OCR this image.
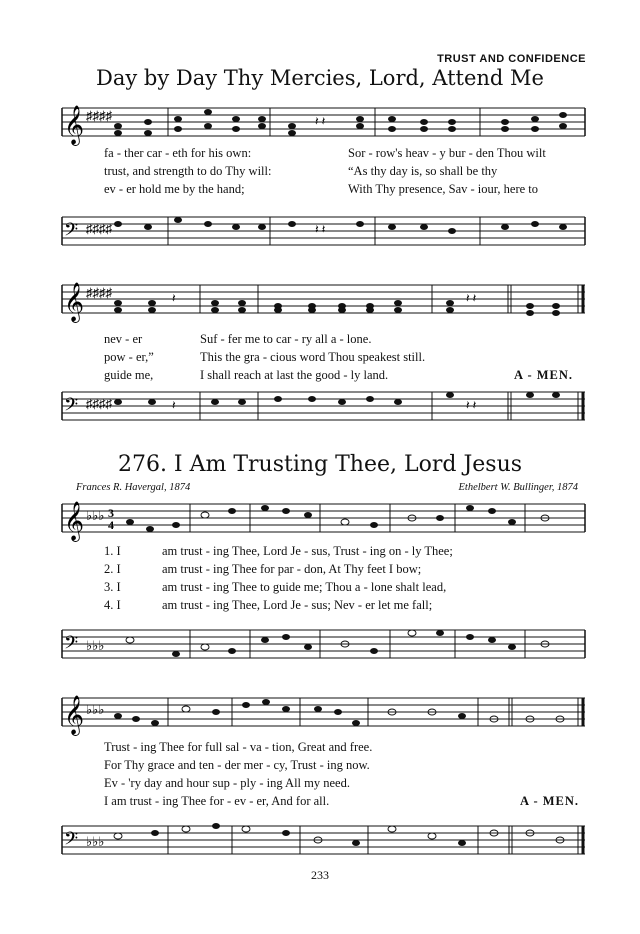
TRUST AND CONFIDENCE
Day by Day Thy Mercies, Lord, Attend Me
𝄞 ♯♯♯♯	𝄽 𝄽
fa - ther car - eth for his own:	Sor - row's heav - y bur - den Thou wilt
trust, and strength to do Thy will:	“As thy day is, so shall be thy
ev - er hold me by the hand;	With Thy presence, Sav - iour, here to
𝄢 ♯♯♯♯	𝄽 𝄽
𝄞 ♯♯♯♯	𝄽	𝄽 𝄽
nev - er	Suf - fer me to car - ry all a - lone.
pow - er,”	This the gra - cious word Thou speakest still.
guide me,	I shall reach at last the good - ly land.	A - MEN.
𝄢 ♯♯♯♯	𝄽	𝄽 𝄽
276. I Am Trusting Thee, Lord Jesus
Frances R. Havergal, 1874	Ethelbert W. Bullinger, 1874
𝄞 ♭♭♭ 3
4
1. I	am trust - ing Thee, Lord Je - sus, Trust - ing on - ly Thee;
2. I	am trust - ing Thee for par - don, At Thy feet I bow;
3. I	am trust - ing Thee to guide me; Thou a - lone shalt lead,
4. I	am trust - ing Thee, Lord Je - sus; Nev - er let me fall;
𝄢 ♭♭♭
𝄞 ♭♭♭
Trust - ing Thee for full sal - va - tion, Great and free.
For Thy grace and ten - der mer - cy, Trust - ing now.
Ev - 'ry day and hour sup - ply - ing All my need.
I am trust - ing Thee for - ev - er, And for all.	A - MEN.
𝄢 ♭♭♭
233
